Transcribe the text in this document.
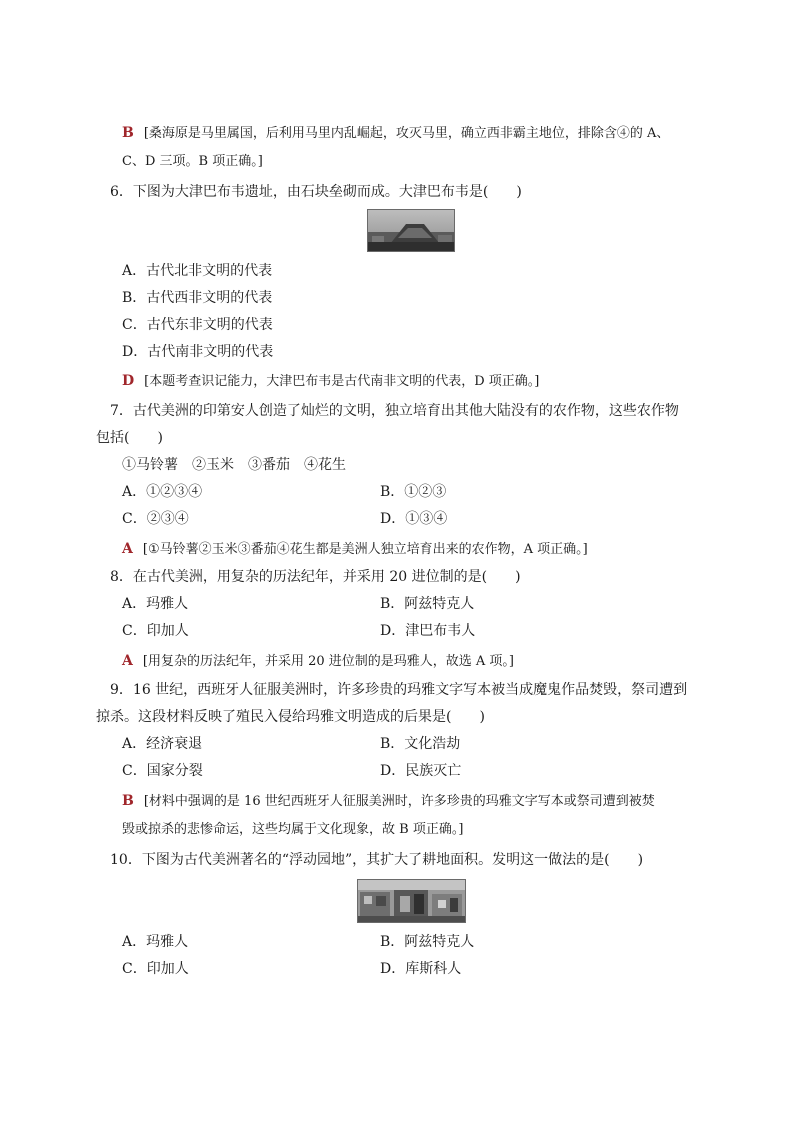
B [桑海原是马里属国，后利用马里内乱崛起，攻灭马里，确立西非霸主地位，排除含④的 A、
C、D 三项。B 项正确。]
6．下图为大津巴布韦遗址，由石块垒砌而成。大津巴布韦是(　　)
A．古代北非文明的代表
B．古代西非文明的代表
C．古代东非文明的代表
D．古代南非文明的代表
D [本题考查识记能力，大津巴布韦是古代南非文明的代表，D 项正确。]
7．古代美洲的印第安人创造了灿烂的文明，独立培育出其他大陆没有的农作物，这些农作物
包括(　　)
①马铃薯　②玉米　③番茄　④花生
A．①②③④	B．①②③
C．②③④	D．①③④
A [①马铃薯②玉米③番茄④花生都是美洲人独立培育出来的农作物，A 项正确。]
8．在古代美洲，用复杂的历法纪年，并采用 20 进位制的是(　　)
A．玛雅人	B．阿兹特克人
C．印加人	D．津巴布韦人
A [用复杂的历法纪年，并采用 20 进位制的是玛雅人，故选 A 项。]
9．16 世纪，西班牙人征服美洲时，许多珍贵的玛雅文字写本被当成魔鬼作品焚毁，祭司遭到
掠杀。这段材料反映了殖民入侵给玛雅文明造成的后果是(　　)
A．经济衰退	B．文化浩劫
C．国家分裂	D．民族灭亡
B [材料中强调的是 16 世纪西班牙人征服美洲时，许多珍贵的玛雅文字写本或祭司遭到被焚
毁或掠杀的悲惨命运，这些均属于文化现象，故 B 项正确。]
10．下图为古代美洲著名的“浮动园地”，其扩大了耕地面积。发明这一做法的是(　　)
A．玛雅人	B．阿兹特克人
C．印加人	D．库斯科人
